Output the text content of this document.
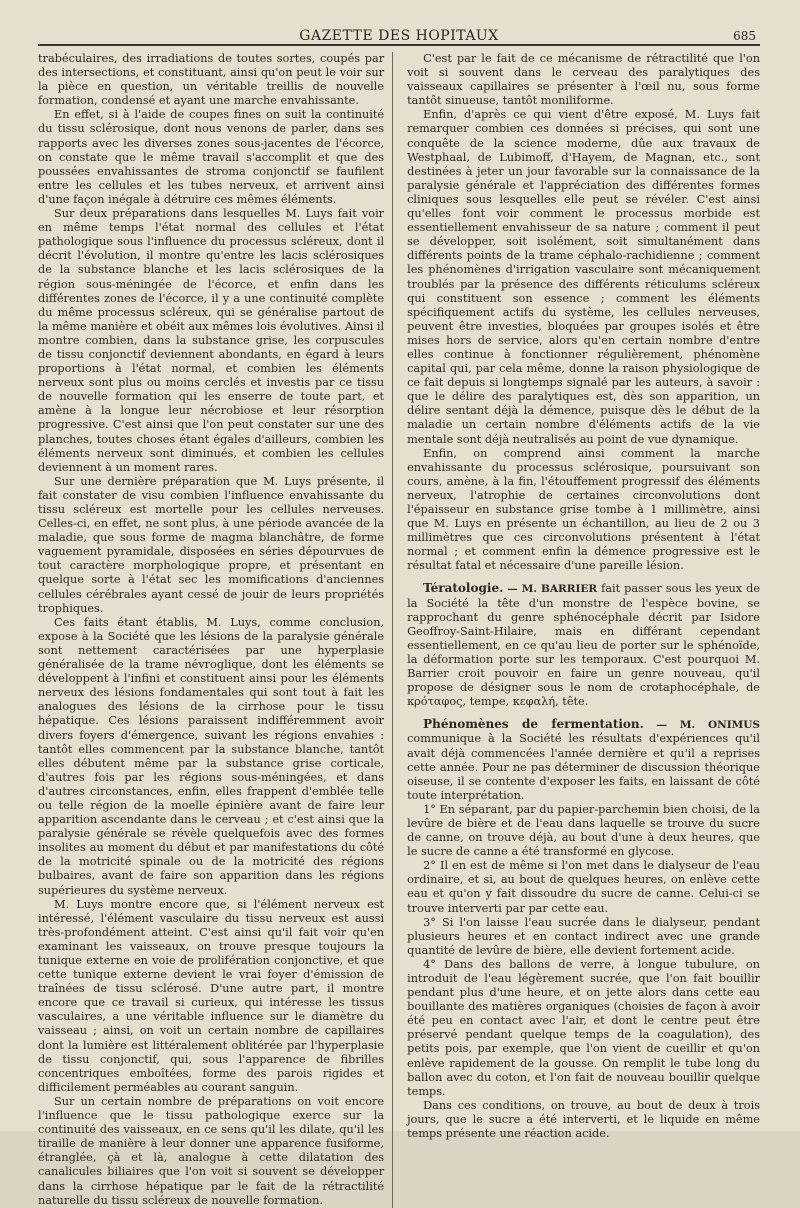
GAZETTE DES HOPITAUX	685

trabéculaires, des irradiations de toutes sortes, coupés par des intersections, et constituant, ainsi qu'on peut le voir sur la pièce en question, un véritable treillis de nouvelle formation, condensé et ayant une marche envahissante.

En effet, si à l'aide de coupes fines on suit la continuité du tissu sclérosique, dont nous venons de parler, dans ses rapports avec les diverses zones sous-jacentes de l'écorce, on constate que le même travail s'accomplit et que des poussées envahissantes de stroma conjonctif se faufilent entre les cellules et les tubes nerveux, et arrivent ainsi d'une façon inégale à détruire ces mêmes éléments.

Sur deux préparations dans lesquelles M. Luys fait voir en même temps l'état normal des cellules et l'état pathologique sous l'influence du processus scléreux, dont il décrit l'évolution, il montre qu'entre les lacis sclérosiques de la substance blanche et les lacis sclérosiques de la région sous-méningée de l'écorce, et enfin dans les différentes zones de l'écorce, il y a une continuité complète du même processus scléreux, qui se généralise partout de la même manière et obéit aux mêmes lois évolutives. Ainsi il montre combien, dans la substance grise, les corpuscules de tissu conjonctif deviennent abondants, en égard à leurs proportions à l'état normal, et combien les éléments nerveux sont plus ou moins cerclés et investis par ce tissu de nouvelle formation qui les enserre de toute part, et amène à la longue leur nécrobiose et leur résorption progressive. C'est ainsi que l'on peut constater sur une des planches, toutes choses étant égales d'ailleurs, combien les éléments nerveux sont diminués, et combien les cellules deviennent à un moment rares.

Sur une dernière préparation que M. Luys présente, il fait constater de visu combien l'influence envahissante du tissu scléreux est mortelle pour les cellules nerveuses. Celles-ci, en effet, ne sont plus, à une période avancée de la maladie, que sous forme de magma blanchâtre, de forme vaguement pyramidale, disposées en séries dépourvues de tout caractère morphologique propre, et présentant en quelque sorte à l'état sec les momifications d'anciennes cellules cérébrales ayant cessé de jouir de leurs propriétés trophiques.

Ces faits étant établis, M. Luys, comme conclusion, expose à la Société que les lésions de la paralysie générale sont nettement caractérisées par une hyperplasie généralisée de la trame névroglique, dont les éléments se développent à l'infini et constituent ainsi pour les éléments nerveux des lésions fondamentales qui sont tout à fait les analogues des lésions de la cirrhose pour le tissu hépatique. Ces lésions paraissent indifféremment avoir divers foyers d'émergence, suivant les régions envahies : tantôt elles commencent par la substance blanche, tantôt elles débutent même par la substance grise corticale, d'autres fois par les régions sous-méningées, et dans d'autres circonstances, enfin, elles frappent d'emblée telle ou telle région de la moelle épinière avant de faire leur apparition ascendante dans le cerveau ; et c'est ainsi que la paralysie générale se révèle quelquefois avec des formes insolites au moment du début et par manifestations du côté de la motricité spinale ou de la motricité des régions bulbaires, avant de faire son apparition dans les régions supérieures du système nerveux.

M. Luys montre encore que, si l'élément nerveux est intéressé, l'élément vasculaire du tissu nerveux est aussi très-profondément atteint. C'est ainsi qu'il fait voir qu'en examinant les vaisseaux, on trouve presque toujours la tunique externe en voie de prolifération conjonctive, et que cette tunique externe devient le vrai foyer d'émission de traînées de tissu sclérosé. D'une autre part, il montre encore que ce travail si curieux, qui intéresse les tissus vasculaires, a une véritable influence sur le diamètre du vaisseau ; ainsi, on voit un certain nombre de capillaires dont la lumière est littéralement oblitérée par l'hyperplasie de tissu conjonctif, qui, sous l'apparence de fibrilles concentriques emboîtées, forme des parois rigides et difficilement perméables au courant sanguin.

Sur un certain nombre de préparations on voit encore l'influence que le tissu pathologique exerce sur la continuité des vaisseaux, en ce sens qu'il les dilate, qu'il les tiraille de manière à leur donner une apparence fusiforme, étranglée, çà et là, analogue à cette dilatation des canalicules biliaires que l'on voit si souvent se développer dans la cirrhose hépatique par le fait de la rétractilité naturelle du tissu scléreux de nouvelle formation.

C'est par le fait de ce mécanisme de rétractilité que l'on voit si souvent dans le cerveau des paralytiques des vaisseaux capillaires se présenter à l'œil nu, sous forme tantôt sinueuse, tantôt moniliforme.

Enfin, d'après ce qui vient d'être exposé, M. Luys fait remarquer combien ces données si précises, qui sont une conquête de la science moderne, dûe aux travaux de Westphaal, de Lubimoff, d'Hayem, de Magnan, etc., sont destinées à jeter un jour favorable sur la connaissance de la paralysie générale et l'appréciation des différentes formes cliniques sous lesquelles elle peut se révéler. C'est ainsi qu'elles font voir comment le processus morbide est essentiellement envahisseur de sa nature ; comment il peut se développer, soit isolément, soit simultanément dans différents points de la trame céphalo-rachidienne ; comment les phénomènes d'irrigation vasculaire sont mécaniquement troublés par la présence des différents réticulums scléreux qui constituent son essence ; comment les éléments spécifiquement actifs du système, les cellules nerveuses, peuvent être investies, bloquées par groupes isolés et être mises hors de service, alors qu'en certain nombre d'entre elles continue à fonctionner régulièrement, phénomène capital qui, par cela même, donne la raison physiologique de ce fait depuis si longtemps signalé par les auteurs, à savoir : que le délire des paralytiques est, dès son apparition, un délire sentant déjà la démence, puisque dès le début de la maladie un certain nombre d'éléments actifs de la vie mentale sont déjà neutralisés au point de vue dynamique.

Enfin, on comprend ainsi comment la marche envahissante du processus sclérosique, poursuivant son cours, amène, à la fin, l'étouffement progressif des éléments nerveux, l'atrophie de certaines circonvolutions dont l'épaisseur en substance grise tombe à 1 millimètre, ainsi que M. Luys en présente un échantillon, au lieu de 2 ou 3 millimètres que ces circonvolutions présentent à l'état normal ; et comment enfin la démence progressive est le résultat fatal et nécessaire d'une pareille lésion.

Tératologie. — M. BARRIER fait passer sous les yeux de la Société la tête d'un monstre de l'espèce bovine, se rapprochant du genre sphénocéphale décrit par Isidore Geoffroy-Saint-Hilaire, mais en différant cependant essentiellement, en ce qu'au lieu de porter sur le sphénoïde, la déformation porte sur les temporaux. C'est pourquoi M. Barrier croit pouvoir en faire un genre nouveau, qu'il propose de désigner sous le nom de crotaphocéphale, de κρόταφος, tempe, κεφαλή, tête.

Phénomènes de fermentation. — M. ONIMUS communique à la Société les résultats d'expériences qu'il avait déjà commencées l'année dernière et qu'il a reprises cette année. Pour ne pas déterminer de discussion théorique oiseuse, il se contente d'exposer les faits, en laissant de côté toute interprétation.

1° En séparant, par du papier-parchemin bien choisi, de la levûre de bière et de l'eau dans laquelle se trouve du sucre de canne, on trouve déjà, au bout d'une à deux heures, que le sucre de canne a été transformé en glycose.

2° Il en est de même si l'on met dans le dialyseur de l'eau ordinaire, et si, au bout de quelques heures, on enlève cette eau et qu'on y fait dissoudre du sucre de canne. Celui-ci se trouve interverti par par cette eau.

3° Si l'on laisse l'eau sucrée dans le dialyseur, pendant plusieurs heures et en contact indirect avec une grande quantité de levûre de bière, elle devient fortement acide.

4° Dans des ballons de verre, à longue tubulure, on introduit de l'eau légèrement sucrée, que l'on fait bouillir pendant plus d'une heure, et on jette alors dans cette eau bouillante des matières organiques (choisies de façon à avoir été peu en contact avec l'air, et dont le centre peut être préservé pendant quelque temps de la coagulation), des petits pois, par exemple, que l'on vient de cueillir et qu'on enlève rapidement de la gousse. On remplit le tube long du ballon avec du coton, et l'on fait de nouveau bouillir quelque temps.

Dans ces conditions, on trouve, au bout de deux à trois jours, que le sucre a été interverti, et le liquide en même temps présente une réaction acide.
